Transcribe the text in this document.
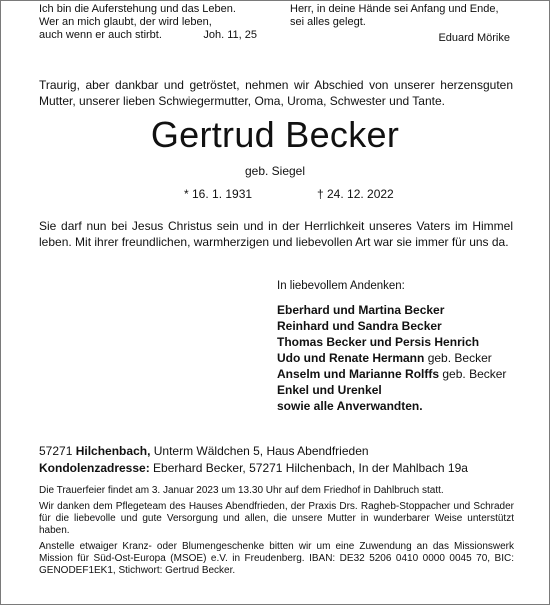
Ich bin die Auferstehung und das Leben.
Wer an mich glaubt, der wird leben,
auch wenn er auch stirbt.	Joh. 11, 25
Herr, in deine Hände sei Anfang und Ende,
sei alles gelegt.
Eduard Mörike
Traurig, aber dankbar und getröstet, nehmen wir Abschied von unserer herzensguten Mutter, unserer lieben Schwiegermutter, Oma, Uroma, Schwester und Tante.
Gertrud Becker
geb. Siegel
* 16. 1. 1931	† 24. 12. 2022
Sie darf nun bei Jesus Christus sein und in der Herrlichkeit unseres Vaters im Himmel leben. Mit ihrer freundlichen, warmherzigen und liebevollen Art war sie immer für uns da.
In liebevollem Andenken:
Eberhard und Martina Becker
Reinhard und Sandra Becker
Thomas Becker und Persis Henrich
Udo und Renate Hermann geb. Becker
Anselm und Marianne Rolffs geb. Becker
Enkel und Urenkel
sowie alle Anverwandten.
57271 Hilchenbach, Unterm Wäldchen 5, Haus Abendfrieden
Kondolenzadresse: Eberhard Becker, 57271 Hilchenbach, In der Mahlbach 19a

Die Trauerfeier findet am 3. Januar 2023 um 13.30 Uhr auf dem Friedhof in Dahlbruch statt.

Wir danken dem Pflegeteam des Hauses Abendfrieden, der Praxis Drs. Ragheb-Stoppacher und Schrader für die liebevolle und gute Versorgung und allen, die unsere Mutter in wunderbarer Weise unterstützt haben.

Anstelle etwaiger Kranz- oder Blumengeschenke bitten wir um eine Zuwendung an das Missionswerk Mission für Süd-Ost-Europa (MSOE) e.V. in Freudenberg. IBAN: DE32 5206 0410 0000 0045 70, BIC: GENODEF1EK1, Stichwort: Gertrud Becker.
